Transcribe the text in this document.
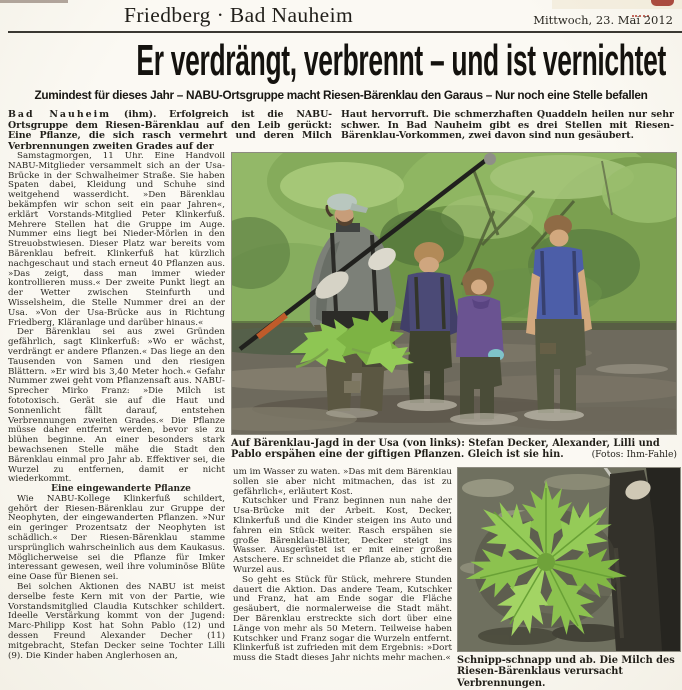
Friedberg · Bad Nauheim	Mittwoch, 23. Mai 2012
Er verdrängt, verbrennt – und ist vernichtet
Zumindest für dieses Jahr – NABU-Ortsgruppe macht Riesen-Bärenklau den Garaus – Nur noch eine Stelle befallen
Bad Nauheim (ihm). Erfolgreich ist die NABU-Ortsgruppe dem Riesen-Bärenklau auf den Leib gerückt: Eine Pflanze, die sich rasch vermehrt und deren Milch Verbrennungen zweiten Grades auf der
Haut hervorruft. Die schmerzhaften Quaddeln heilen nur sehr schwer. In Bad Nauheim gibt es drei Stellen mit Riesen-Bärenklau-Vorkommen, zwei davon sind nun gesäubert.

Samstagmorgen, 11 Uhr. Eine Handvoll NABU-Mitglieder versammelt sich an der Usa-Brücke in der Schwalheimer Straße. Sie haben Spaten dabei, Kleidung und Schuhe sind weitgehend wasserdicht. »Den Bärenklau bekämpfen wir schon seit ein paar Jahren«, erklärt Vorstands-Mitglied Peter Klinkerfuß. Mehrere Stellen hat die Gruppe im Auge. Nummer eins liegt bei Nieder-Mörlen in den Streuobstwiesen. Dieser Platz war bereits vom Bärenklau befreit. Klinkerfuß hat kürzlich nachgeschaut und stach erneut 40 Pflanzen aus. »Das zeigt, dass man immer wieder kontrollieren muss.« Der zweite Punkt liegt an der Wetter zwischen Steinfurth und Wisselsheim, die Stelle Nummer drei an der Usa. »Von der Usa-Brücke aus in Richtung Friedberg, Kläranlage und darüber hinaus.«

Der Bärenklau sei aus zwei Gründen gefährlich, sagt Klinkerfuß: »Wo er wächst, verdrängt er andere Pflanzen.« Das liege an den Tausenden von Samen und den riesigen Blättern. »Er wird bis 3,40 Meter hoch.« Gefahr Nummer zwei geht vom Pflanzensaft aus. NABU-Sprecher Mirko Franz: »Die Milch ist fototoxisch. Gerät sie auf die Haut und Sonnenlicht fällt darauf, entstehen Verbrennungen zweiten Grades.« Die Pflanze müsse daher entfernt werden, bevor sie zu blühen beginne. An einer besonders stark bewachsenen Stelle mähe die Stadt den Bärenklau einmal pro Jahr ab. Effektiver sei, die Wurzel zu entfernen, damit er nicht wiederkommt.

Eine eingewanderte Pflanze

Wie NABU-Kollege Klinkerfuß schildert, gehört der Riesen-Bärenklau zur Gruppe der Neophyten, der eingewanderten Pflanzen. »Nur ein geringer Prozentsatz der Neophyten ist schädlich.« Der Riesen-Bärenklau stamme ursprünglich wahrscheinlich aus dem Kaukasus. Möglicherweise sei die Pflanze für Imker interessant gewesen, weil ihre voluminöse Blüte eine Oase für Bienen sei.

Bei solchen Aktionen des NABU ist meist derselbe feste Kern mit von der Partie, wie Vorstandsmitglied Claudia Kutschker schildert. Ideelle Verstärkung kommt von der Jugend: Marc-Philipp Kost hat Sohn Pablo (12) und dessen Freund Alexander Decher (11) mitgebracht, Stefan Decker seine Tochter Lilli (9). Die Kinder haben Anglerhosen an,

Auf Bärenklau-Jagd in der Usa (von links): Stefan Decker, Alexander, Lilli und Pablo erspähen eine der giftigen Pflanzen. Gleich ist sie hin.	(Fotos: Ihm-Fahle)

um im Wasser zu waten. »Das mit dem Bärenklau sollen sie aber nicht mitmachen, das ist zu gefährlich«, erläutert Kost.

Kutschker und Franz beginnen nun nahe der Usa-Brücke mit der Arbeit. Kost, Decker, Klinkerfuß und die Kinder steigen ins Auto und fahren ein Stück weiter. Rasch erspähen sie große Bärenklau-Blätter, Decker steigt ins Wasser. Ausgerüstet ist er mit einer großen Astschere. Er schneidet die Pflanze ab, sticht die Wurzel aus.

So geht es Stück für Stück, mehrere Stunden dauert die Aktion. Das andere Team, Kutschker und Franz, hat am Ende sogar die Fläche gesäubert, die normalerweise die Stadt mäht. Der Bärenklau erstreckte sich dort über eine Länge von mehr als 50 Metern. Teilweise haben Kutschker und Franz sogar die Wurzeln entfernt. Klinkerfuß ist zufrieden mit dem Ergebnis: »Dort muss die Stadt dieses Jahr nichts mehr machen.« Schnipp-schnapp und ab. Die Milch des Riesen-Bärenklaus verursacht Verbrennungen.
